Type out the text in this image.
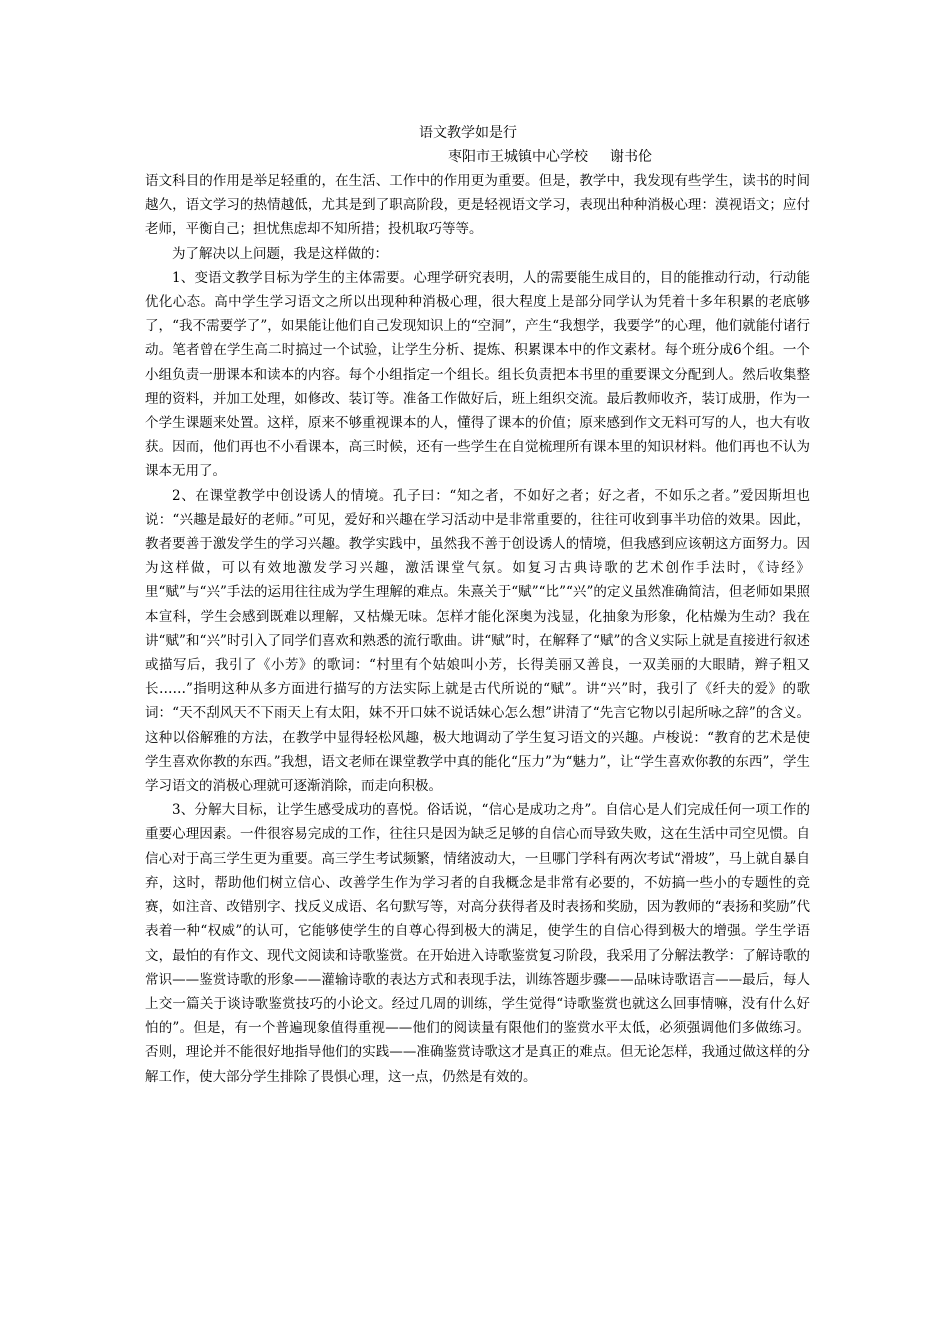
语文教学如是行
枣阳市王城镇中心学校 谢书伦

语文科目的作用是举足轻重的，在生活、工作中的作用更为重要。但是，教学中，我发现有些学生，读书的时间越久，语文学习的热情越低，尤其是到了职高阶段，更是轻视语文学习，表现出种种消极心理：漠视语文；应付老师，平衡自己；担忧焦虑却不知所措；投机取巧等等。

为了解决以上问题，我是这样做的：

1、变语文教学目标为学生的主体需要。心理学研究表明，人的需要能生成目的，目的能推动行动，行动能优化心态。高中学生学习语文之所以出现种种消极心理，很大程度上是部分同学认为凭着十多年积累的老底够了，“我不需要学了”，如果能让他们自己发现知识上的“空洞”，产生“我想学，我要学”的心理，他们就能付诸行动。笔者曾在学生高二时搞过一个试验，让学生分析、提炼、积累课本中的作文素材。每个班分成6个组。一个小组负责一册课本和读本的内容。每个小组指定一个组长。组长负责把本书里的重要课文分配到人。然后收集整理的资料，并加工处理，如修改、装订等。准备工作做好后，班上组织交流。最后教师收齐，装订成册，作为一个学生课题来处置。这样，原来不够重视课本的人，懂得了课本的价值；原来感到作文无料可写的人，也大有收获。因而，他们再也不小看课本，高三时候，还有一些学生在自觉梳理所有课本里的知识材料。他们再也不认为课本无用了。

2、在课堂教学中创设诱人的情境。孔子曰：“知之者，不如好之者；好之者，不如乐之者。”爱因斯坦也说：“兴趣是最好的老师。”可见，爱好和兴趣在学习活动中是非常重要的，往往可收到事半功倍的效果。因此，教者要善于激发学生的学习兴趣。教学实践中，虽然我不善于创设诱人的情境，但我感到应该朝这方面努力。因为这样做，可以有效地激发学习兴趣，激活课堂气氛。如复习古典诗歌的艺术创作手法时，《诗经》里“赋”与“兴”手法的运用往往成为学生理解的难点。朱熹关于“赋”“比”“兴”的定义虽然准确简洁，但老师如果照本宣科，学生会感到既难以理解，又枯燥无味。怎样才能化深奥为浅显，化抽象为形象，化枯燥为生动？我在讲“赋”和“兴”时引入了同学们喜欢和熟悉的流行歌曲。讲“赋”时，在解释了“赋”的含义实际上就是直接进行叙述或描写后，我引了《小芳》的歌词：“村里有个姑娘叫小芳，长得美丽又善良，一双美丽的大眼睛，辫子粗又长……”指明这种从多方面进行描写的方法实际上就是古代所说的“赋”。讲“兴”时，我引了《纤夫的爱》的歌词：“天不刮风天不下雨天上有太阳，妹不开口妹不说话妹心怎么想”讲清了“先言它物以引起所咏之辞”的含义。这种以俗解雅的方法，在教学中显得轻松风趣，极大地调动了学生复习语文的兴趣。卢梭说：“教育的艺术是使学生喜欢你教的东西。”我想，语文老师在课堂教学中真的能化“压力”为“魅力”，让“学生喜欢你教的东西”，学生学习语文的消极心理就可逐渐消除，而走向积极。

3、分解大目标，让学生感受成功的喜悦。俗话说，“信心是成功之舟”。自信心是人们完成任何一项工作的重要心理因素。一件很容易完成的工作，往往只是因为缺乏足够的自信心而导致失败，这在生活中司空见惯。自信心对于高三学生更为重要。高三学生考试频繁，情绪波动大，一旦哪门学科有两次考试“滑坡”，马上就自暴自弃，这时，帮助他们树立信心、改善学生作为学习者的自我概念是非常有必要的，不妨搞一些小的专题性的竞赛，如注音、改错别字、找反义成语、名句默写等，对高分获得者及时表扬和奖励，因为教师的“表扬和奖励”代表着一种“权威”的认可，它能够使学生的自尊心得到极大的满足，使学生的自信心得到极大的增强。学生学语文，最怕的有作文、现代文阅读和诗歌鉴赏。在开始进入诗歌鉴赏复习阶段，我采用了分解法教学：了解诗歌的常识——鉴赏诗歌的形象——灌输诗歌的表达方式和表现手法，训练答题步骤——品味诗歌语言——最后，每人上交一篇关于谈诗歌鉴赏技巧的小论文。经过几周的训练，学生觉得“诗歌鉴赏也就这么回事情嘛，没有什么好怕的”。但是，有一个普遍现象值得重视——他们的阅读量有限他们的鉴赏水平太低，必须强调他们多做练习。否则，理论并不能很好地指导他们的实践——准确鉴赏诗歌这才是真正的难点。但无论怎样，我通过做这样的分解工作，使大部分学生排除了畏惧心理，这一点，仍然是有效的。
